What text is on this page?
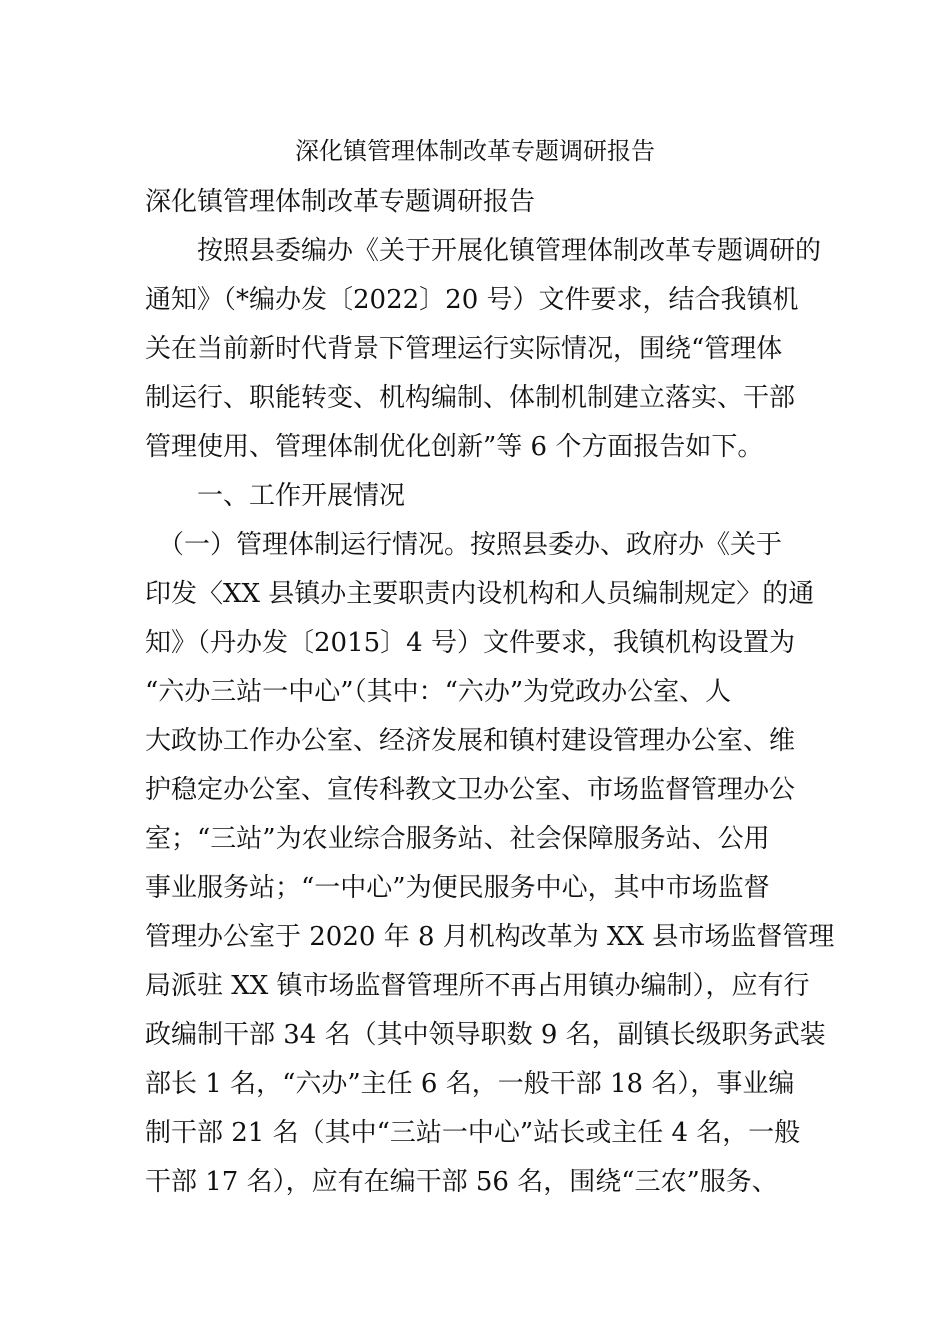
深化镇管理体制改革专题调研报告
深化镇管理体制改革专题调研报告
　　按照县委编办《关于开展化镇管理体制改革专题调研的
通知》（*编办发〔2022〕20 号）文件要求，结合我镇机
关在当前新时代背景下管理运行实际情况，围绕“管理体
制运行、职能转变、机构编制、体制机制建立落实、干部
管理使用、管理体制优化创新”等 6 个方面报告如下。
　　一、工作开展情况
　（一）管理体制运行情况。按照县委办、政府办《关于
印发〈XX 县镇办主要职责内设机构和人员编制规定〉的通
知》（丹办发〔2015〕4 号）文件要求，我镇机构设置为
“六办三站一中心”（其中：“六办”为党政办公室、人
大政协工作办公室、经济发展和镇村建设管理办公室、维
护稳定办公室、宣传科教文卫办公室、市场监督管理办公
室；“三站”为农业综合服务站、社会保障服务站、公用
事业服务站；“一中心”为便民服务中心，其中市场监督
管理办公室于 2020 年 8 月机构改革为 XX 县市场监督管理
局派驻 XX 镇市场监督管理所不再占用镇办编制），应有行
政编制干部 34 名（其中领导职数 9 名，副镇长级职务武装
部长 1 名，“六办”主任 6 名，一般干部 18 名），事业编
制干部 21 名（其中“三站一中心”站长或主任 4 名，一般
干部 17 名），应有在编干部 56 名，围绕“三农”服务、
